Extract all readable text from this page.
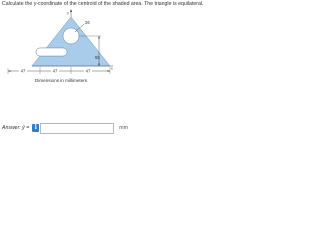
Calculate the y-coordinate of the centroid of the shaded area. The triangle is equilateral.
y
26
55
47	47	47
x
Dimensions in millimeters
Answer: ȳ = i	mm
